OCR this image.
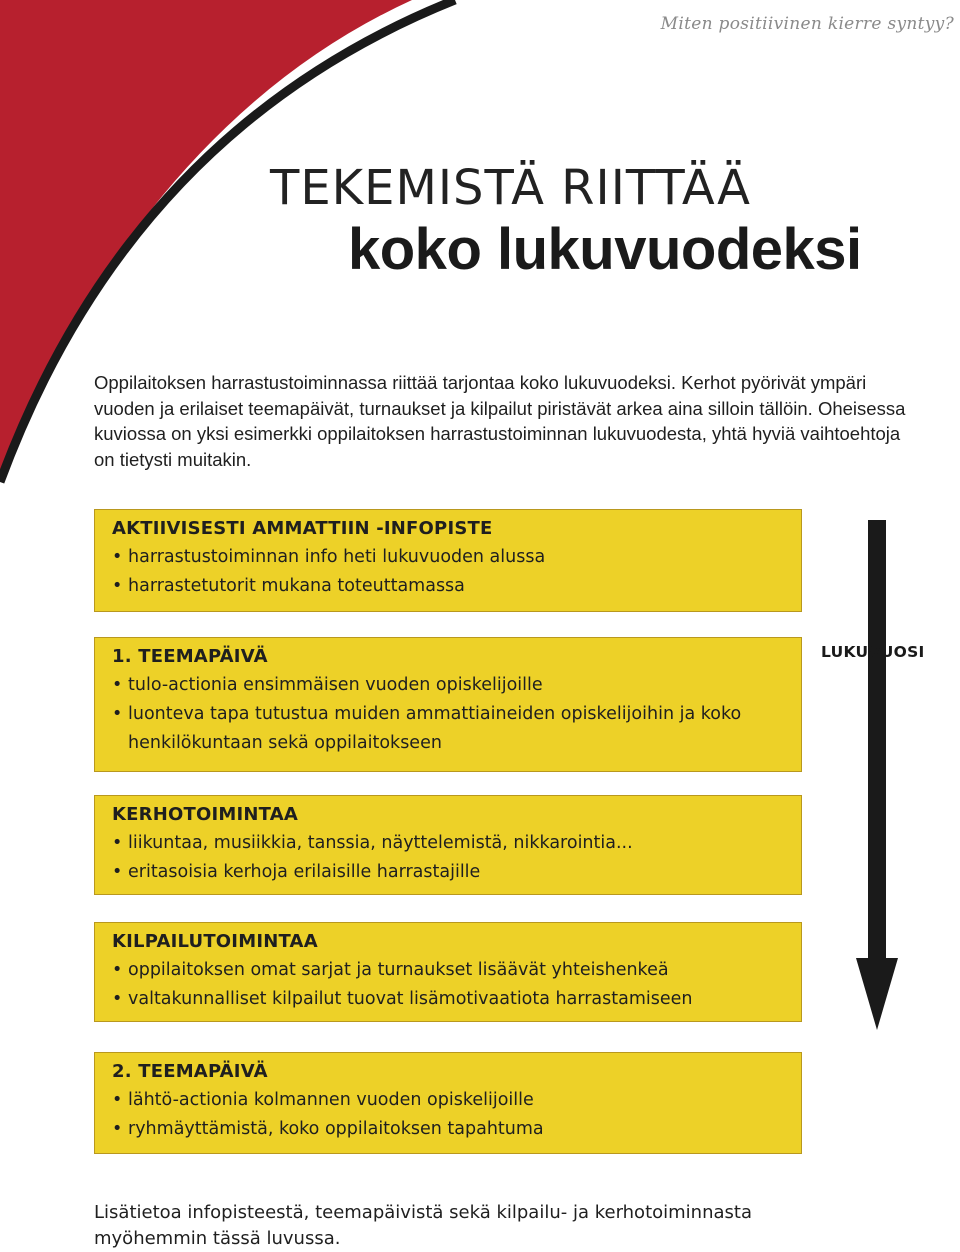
Miten positiivinen kierre syntyy?
TEKEMISTÄ RIITTÄÄ
koko lukuvuodeksi

Oppilaitoksen harrastustoiminnassa riittää tarjontaa koko lukuvuodeksi. Kerhot pyörivät ympäri vuoden ja erilaiset teemapäivät, turnaukset ja kilpailut piristävät arkea aina silloin tällöin. Oheisessa kuviossa on yksi esimerkki oppilaitoksen harrastustoiminnan lukuvuodesta, yhtä hyviä vaihtoehtoja on tietysti muitakin.

AKTIIVISESTI AMMATTIIN -INFOPISTE
• harrastustoiminnan info heti lukuvuoden alussa
• harrastetutorit mukana toteuttamassa
1. TEEMAPÄIVÄ
• tulo-actionia ensimmäisen vuoden opiskelijoille
• luonteva tapa tutustua muiden ammattiaineiden opiskelijoihin ja koko henkilökuntaan sekä oppilaitokseen
KERHOTOIMINTAA
• liikuntaa, musiikkia, tanssia, näyttelemistä, nikkarointia...
• eritasoisia kerhoja erilaisille harrastajille
KILPAILUTOIMINTAA
• oppilaitoksen omat sarjat ja turnaukset lisäävät yhteishenkeä
• valtakunnalliset kilpailut tuovat lisämotivaatiota harrastamiseen
2. TEEMAPÄIVÄ
• lähtö-actionia kolmannen vuoden opiskelijoille
• ryhmäyttämistä, koko oppilaitoksen tapahtuma
LUKUVUOSI

Lisätietoa infopisteestä, teemapäivistä sekä kilpailu- ja kerhotoiminnasta myöhemmin tässä luvussa.
